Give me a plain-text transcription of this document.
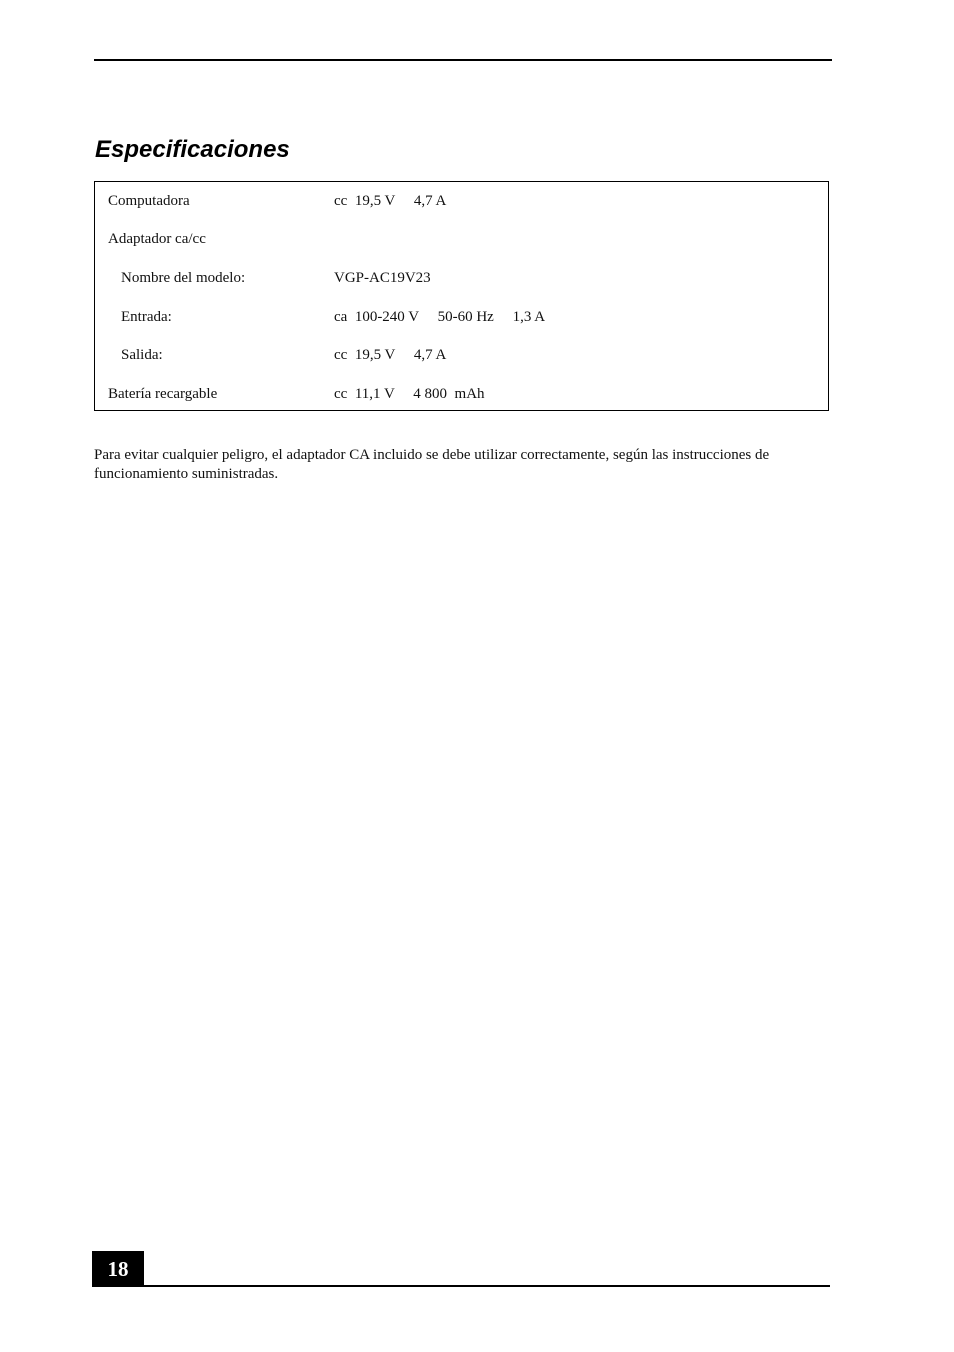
Especificaciones
Computadora	cc  19,5 V     4,7 A
Adaptador ca/cc
Nombre del modelo:	VGP-AC19V23
Entrada:	ca  100-240 V     50-60 Hz     1,3 A
Salida:	cc  19,5 V     4,7 A
Batería recargable	cc  11,1 V     4 800  mAh

Para evitar cualquier peligro, el adaptador CA incluido se debe utilizar correctamente, según las instrucciones de funcionamiento suministradas.

18
